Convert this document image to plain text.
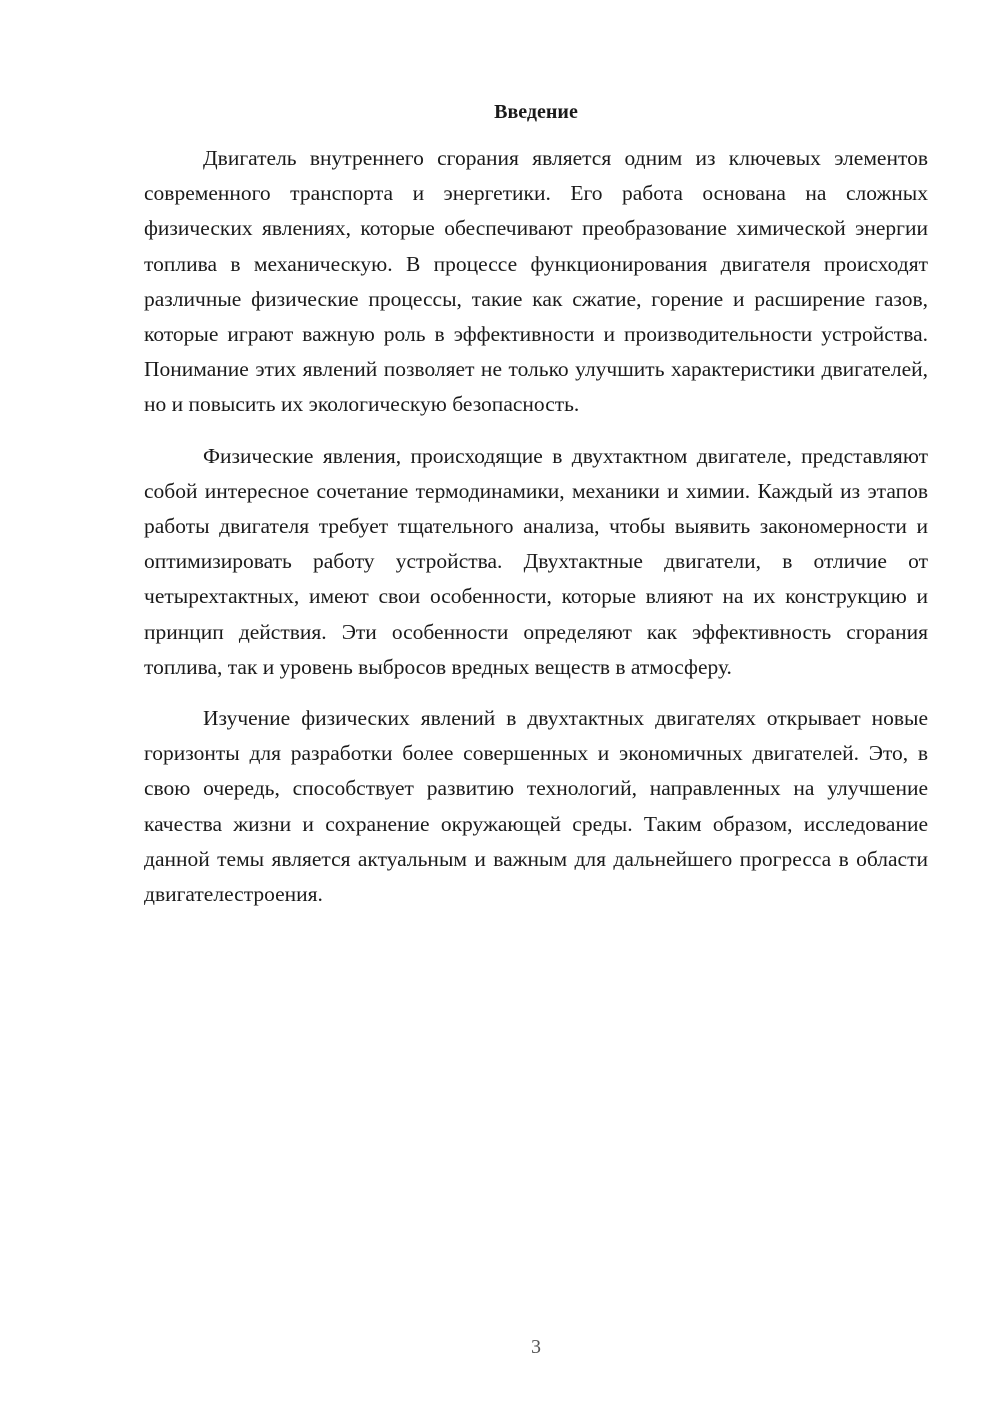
Введение

Двигатель внутреннего сгорания является одним из ключевых элементов современного транспорта и энергетики. Его работа основана на сложных физических явлениях, которые обеспечивают преобразование химической энергии топлива в механическую. В процессе функционирования двигателя происходят различные физические процессы, такие как сжатие, горение и расширение газов, которые играют важную роль в эффективности и производительности устройства. Понимание этих явлений позволяет не только улучшить характеристики двигателей, но и повысить их экологическую безопасность.

Физические явления, происходящие в двухтактном двигателе, представляют собой интересное сочетание термодинамики, механики и химии. Каждый из этапов работы двигателя требует тщательного анализа, чтобы выявить закономерности и оптимизировать работу устройства. Двухтактные двигатели, в отличие от четырехтактных, имеют свои особенности, которые влияют на их конструкцию и принцип действия. Эти особенности определяют как эффективность сгорания топлива, так и уровень выбросов вредных веществ в атмосферу.

Изучение физических явлений в двухтактных двигателях открывает новые горизонты для разработки более совершенных и экономичных двигателей. Это, в свою очередь, способствует развитию технологий, направленных на улучшение качества жизни и сохранение окружающей среды. Таким образом, исследование данной темы является актуальным и важным для дальнейшего прогресса в области двигателестроения.

3
